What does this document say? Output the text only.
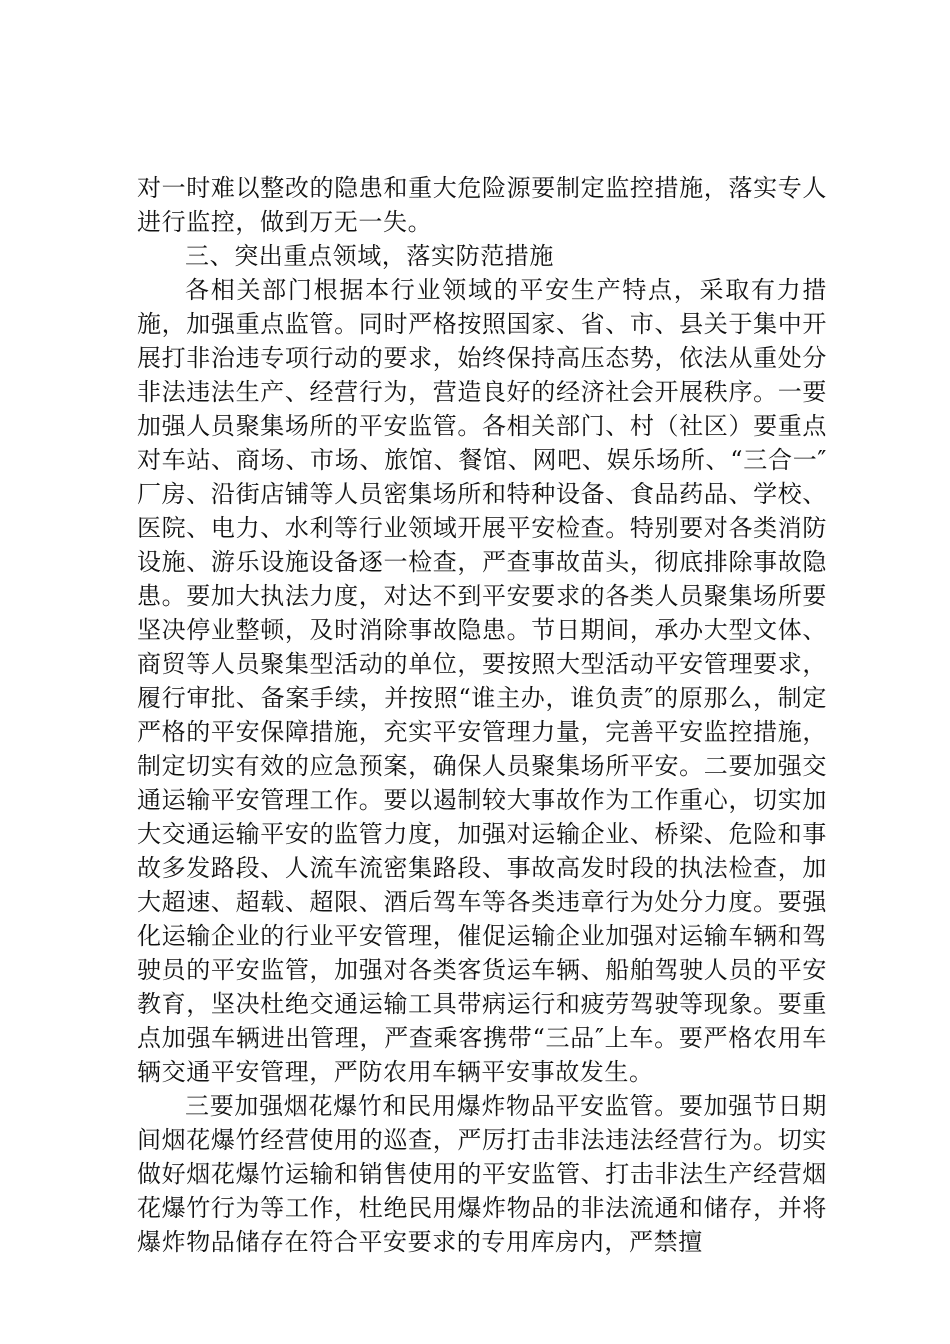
对一时难以整改的隐患和重大危险源要制定监控措施，落实专人进行监控，做到万无一失。

三、突出重点领域，落实防范措施

各相关部门根据本行业领域的平安生产特点，采取有力措施，加强重点监管。同时严格按照国家、省、市、县关于集中开展打非治违专项行动的要求，始终保持高压态势，依法从重处分非法违法生产、经营行为，营造良好的经济社会开展秩序。一要加强人员聚集场所的平安监管。各相关部门、村（社区）要重点对车站、商场、市场、旅馆、餐馆、网吧、娱乐场所、“三合一″厂房、沿街店铺等人员密集场所和特种设备、食品药品、学校、医院、电力、水利等行业领域开展平安检查。特别要对各类消防设施、游乐设施设备逐一检查，严查事故苗头，彻底排除事故隐患。要加大执法力度，对达不到平安要求的各类人员聚集场所要坚决停业整顿，及时消除事故隐患。节日期间，承办大型文体、商贸等人员聚集型活动的单位，要按照大型活动平安管理要求，履行审批、备案手续，并按照“谁主办，谁负责″的原那么，制定严格的平安保障措施，充实平安管理力量，完善平安监控措施，制定切实有效的应急预案，确保人员聚集场所平安。二要加强交通运输平安管理工作。要以遏制较大事故作为工作重心，切实加大交通运输平安的监管力度，加强对运输企业、桥梁、危险和事故多发路段、人流车流密集路段、事故高发时段的执法检查，加大超速、超载、超限、酒后驾车等各类违章行为处分力度。要强化运输企业的行业平安管理，催促运输企业加强对运输车辆和驾驶员的平安监管，加强对各类客货运车辆、船舶驾驶人员的平安教育，坚决杜绝交通运输工具带病运行和疲劳驾驶等现象。要重点加强车辆进出管理，严查乘客携带“三品″上车。要严格农用车辆交通平安管理，严防农用车辆平安事故发生。

三要加强烟花爆竹和民用爆炸物品平安监管。要加强节日期间烟花爆竹经营使用的巡查，严厉打击非法违法经营行为。切实做好烟花爆竹运输和销售使用的平安监管、打击非法生产经营烟花爆竹行为等工作，杜绝民用爆炸物品的非法流通和储存，并将爆炸物品储存在符合平安要求的专用库房内，严禁擅
